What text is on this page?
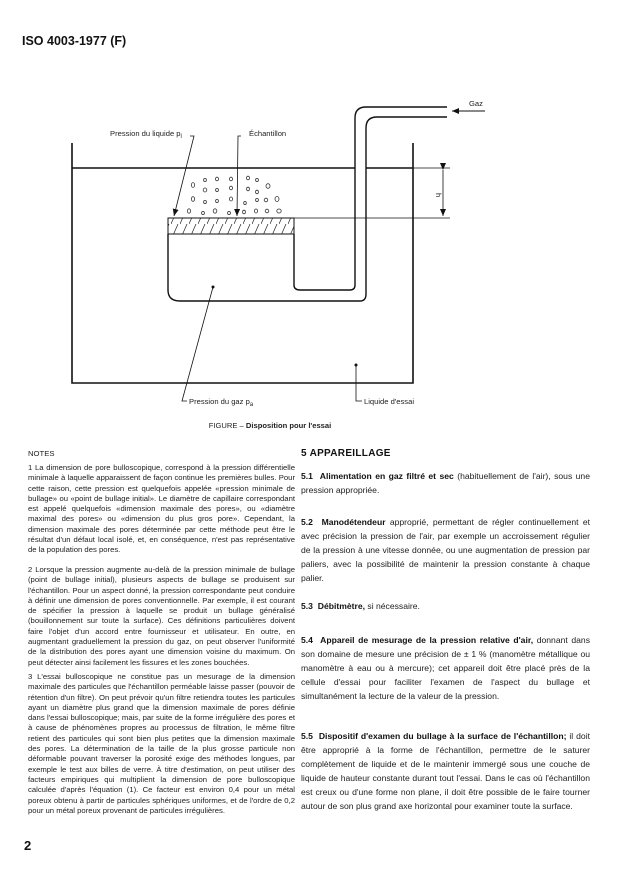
ISO 4003-1977 (F)
h
Gaz
Pression du liquide $p_l$	Échantillon
Pression du gaz $p_a$	Liquide d'essai
FIGURE – Disposition pour l'essai
NOTES

1 La dimension de pore bulloscopique, correspond à la pression différentielle minimale à laquelle apparaissent de façon continue les premières bulles. Pour cette raison, cette pression est quelquefois appelée «pression minimale de bullage» ou «point de bullage initial». Le diamètre de capillaire correspondant est appelé quelquefois «dimension maximale des pores», ou «diamètre maximal des pores» ou «dimension du plus gros pore». Cependant, la dimension maximale des pores déterminée par cette méthode peut être le résultat d'un défaut local isolé, et, en conséquence, n'est pas représentative de la population des pores.

2 Lorsque la pression augmente au-delà de la pression minimale de bullage (point de bullage initial), plusieurs aspects de bullage se produisent sur l'échantillon. Pour un aspect donné, la pression correspondante peut conduire à définir une dimension de pores conventionnelle. Par exemple, il est courant de spécifier la pression à laquelle se produit un bullage généralisé (bouillonnement sur toute la surface). Ces définitions particulières doivent faire l'objet d'un accord entre fournisseur et utilisateur. En outre, en augmentant graduellement la pression du gaz, on peut observer l'uniformité de la distribution des pores ayant une dimension voisine du maximum. On peut détecter ainsi facilement les fissures et les zones bouchées.

3 L'essai bulloscopique ne constitue pas un mesurage de la dimension maximale des particules que l'échantillon perméable laisse passer (pouvoir de rétention d'un filtre). On peut prévoir qu'un filtre retiendra toutes les particules ayant un diamètre plus grand que la dimension maximale de pores définie dans l'essai bulloscopique; mais, par suite de la forme irrégulière des pores et à cause de phénomènes propres au processus de filtration, le même filtre retient des particules qui sont bien plus petites que la dimension maximale des pores. La détermination de la taille de la plus grosse particule non déformable pouvant traverser la porosité exige des méthodes longues, par exemple le test aux billes de verre. À titre d'estimation, on peut utiliser des facteurs empiriques qui multiplient la dimension de pore bulloscopique calculée d'après l'équation (1). Ce facteur est environ 0,4 pour un métal poreux obtenu à partir de particules sphériques uniformes, et de l'ordre de 0,2 pour un métal poreux provenant de particules irrégulières.

5 APPAREILLAGE

5.1 Alimentation en gaz filtré et sec (habituellement de l'air), sous une pression appropriée.

5.2 Manodétendeur approprié, permettant de régler continuellement et avec précision la pression de l'air, par exemple un accroissement régulier de la pression à une vitesse donnée, ou une augmentation de pression par paliers, avec la possibilité de maintenir la pression constante à chaque palier.

5.3 Débitmètre, si nécessaire.

5.4 Appareil de mesurage de la pression relative d'air, donnant dans son domaine de mesure une précision de ± 1 % (manomètre métallique ou manomètre à eau ou à mercure); cet appareil doit être placé près de la cellule d'essai pour faciliter l'examen de l'aspect du bullage et simultanément la lecture de la valeur de la pression.

5.5 Dispositif d'examen du bullage à la surface de l'échantillon; il doit être approprié à la forme de l'échantillon, permettre de le saturer complètement de liquide et de le maintenir immergé sous une couche de liquide de hauteur constante durant tout l'essai. Dans le cas où l'échantillon est creux ou d'une forme non plane, il doit être possible de le faire tourner autour de son plus grand axe horizontal pour examiner toute la surface.

2
